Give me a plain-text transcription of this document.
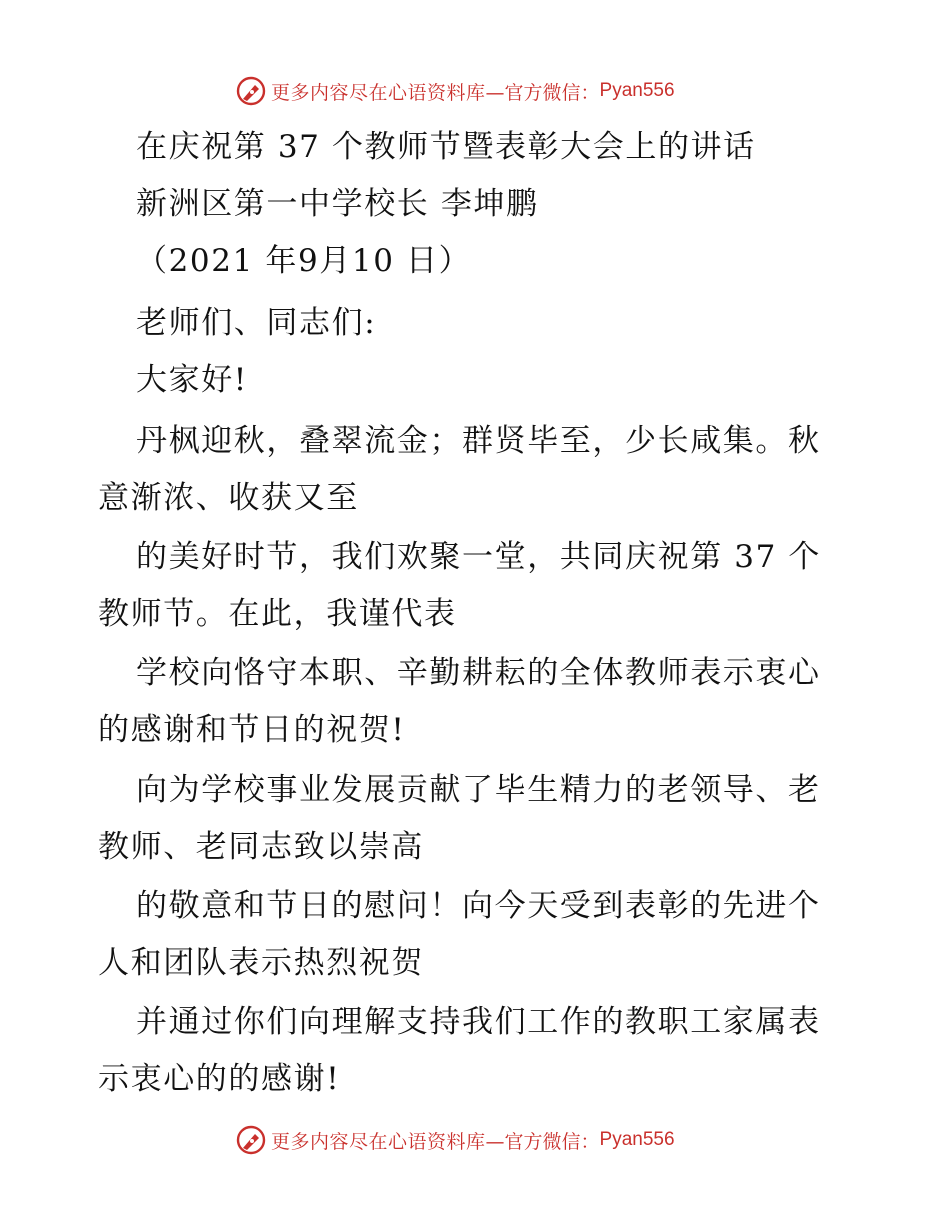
更多内容尽在心语资料库 —官方微信： Pyan556
在庆祝第 37 个教师节暨表彰大会上的讲话
新洲区第一中学校长 李坤鹏
（2021 年9月10 日）
老师们、同志们:
大家好!
丹枫迎秋，叠翠流金；群贤毕至，少长咸集。秋
意渐浓、收获又至
的美好时节，我们欢聚一堂，共同庆祝第 37 个
教师节。在此，我谨代表
学校向恪守本职、辛勤耕耘的全体教师表示衷心
的感谢和节日的祝贺!
向为学校事业发展贡献了毕生精力的老领导、老
教师、老同志致以崇高
的敬意和节日的慰问！向今天受到表彰的先进个
人和团队表示热烈祝贺
并通过你们向理解支持我们工作的教职工家属表
示衷心的的感谢!
更多内容尽在心语资料库 —官方微信： Pyan556
